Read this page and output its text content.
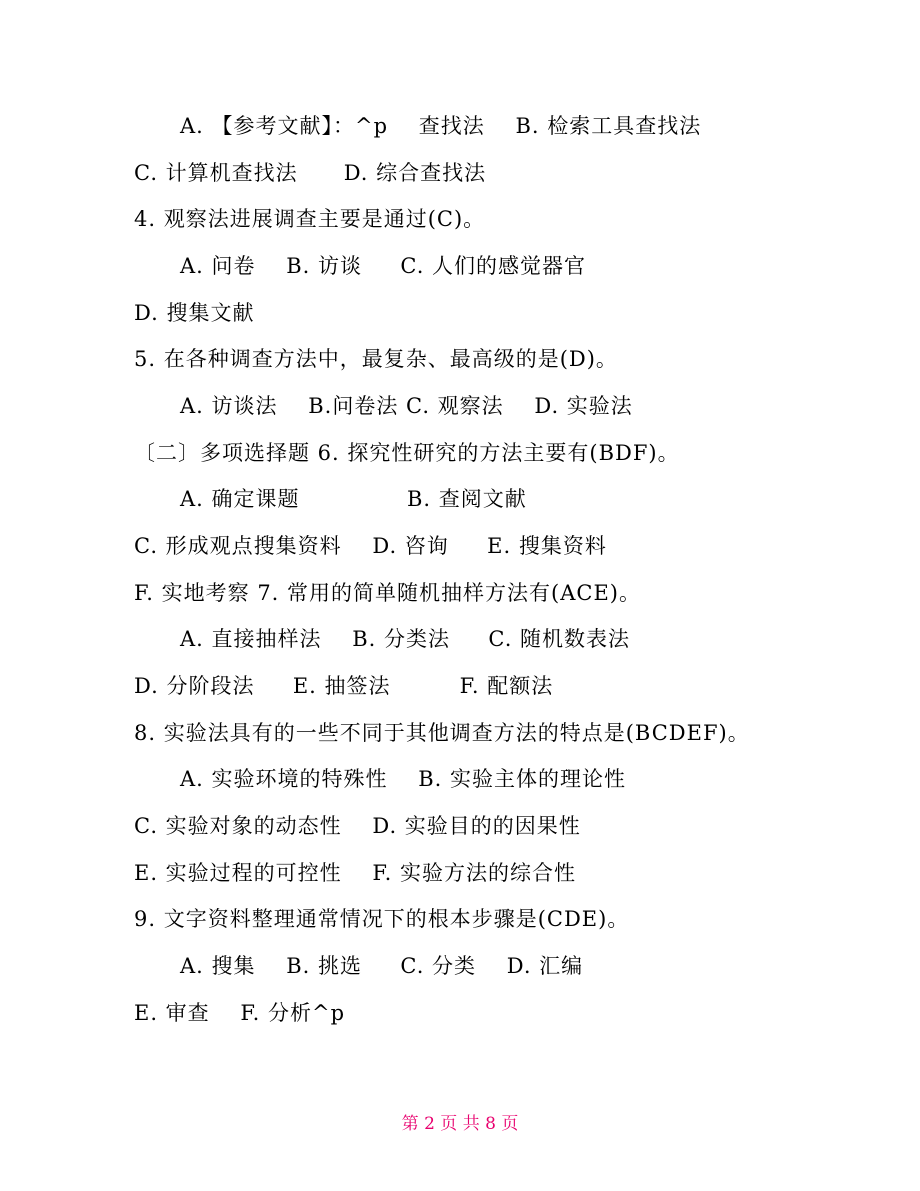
A. 【参考文献】：^p    查找法    B. 检索工具查找法
C. 计算机查找法      D. 综合查找法
4. 观察法进展调查主要是通过(C)。
A. 问卷    B. 访谈     C. 人们的感觉器官
D. 搜集文献
5. 在各种调查方法中，最复杂、最高级的是(D)。
A. 访谈法    B.问卷法 C. 观察法    D. 实验法
〔二〕多项选择题 6. 探究性研究的方法主要有(BDF)。
A. 确定课题              B. 查阅文献
C. 形成观点搜集资料    D. 咨询     E. 搜集资料
F. 实地考察 7. 常用的简单随机抽样方法有(ACE)。
A. 直接抽样法    B. 分类法     C. 随机数表法
D. 分阶段法     E. 抽签法         F. 配额法
8. 实验法具有的一些不同于其他调查方法的特点是(BCDEF)。
A. 实验环境的特殊性    B. 实验主体的理论性
C. 实验对象的动态性    D. 实验目的的因果性
E. 实验过程的可控性    F. 实验方法的综合性
9. 文字资料整理通常情况下的根本步骤是(CDE)。
A. 搜集    B. 挑选     C. 分类    D. 汇编
E. 审查    F. 分析^p
第 2 页 共 8 页
